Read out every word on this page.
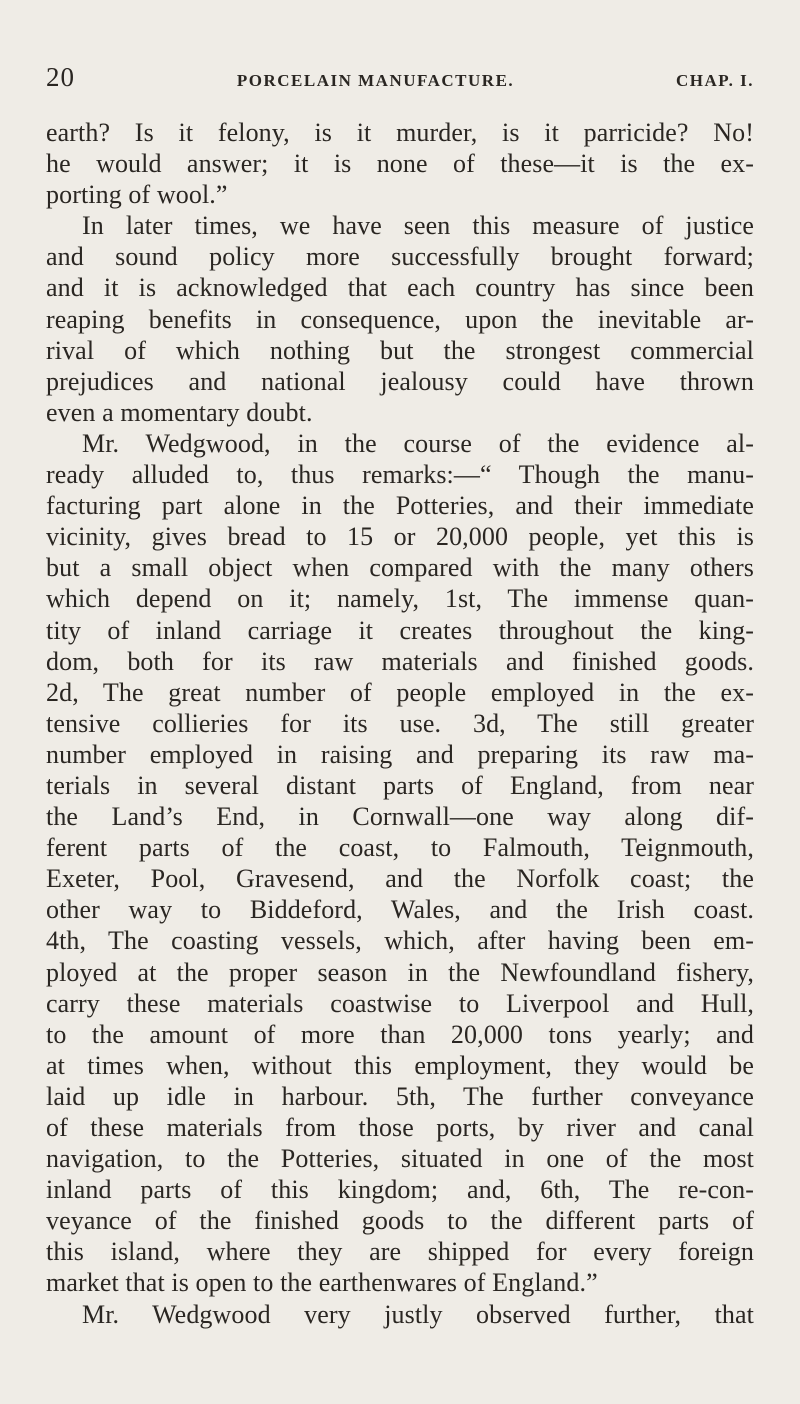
20	PORCELAIN MANUFACTURE.	CHAP. I.
earth? Is it felony, is it murder, is it parricide? No!
he would answer; it is none of these—it is the ex-
porting of wool.”
In later times, we have seen this measure of justice
and sound policy more successfully brought forward;
and it is acknowledged that each country has since been
reaping benefits in consequence, upon the inevitable ar-
rival of which nothing but the strongest commercial
prejudices and national jealousy could have thrown
even a momentary doubt.
Mr. Wedgwood, in the course of the evidence al-
ready alluded to, thus remarks:—“ Though the manu-
facturing part alone in the Potteries, and their immediate
vicinity, gives bread to 15 or 20,000 people, yet this is
but a small object when compared with the many others
which depend on it; namely, 1st, The immense quan-
tity of inland carriage it creates throughout the king-
dom, both for its raw materials and finished goods.
2d, The great number of people employed in the ex-
tensive collieries for its use. 3d, The still greater
number employed in raising and preparing its raw ma-
terials in several distant parts of England, from near
the Land’s End, in Cornwall—one way along dif-
ferent parts of the coast, to Falmouth, Teignmouth,
Exeter, Pool, Gravesend, and the Norfolk coast; the
other way to Biddeford, Wales, and the Irish coast.
4th, The coasting vessels, which, after having been em-
ployed at the proper season in the Newfoundland fishery,
carry these materials coastwise to Liverpool and Hull,
to the amount of more than 20,000 tons yearly; and
at times when, without this employment, they would be
laid up idle in harbour. 5th, The further conveyance
of these materials from those ports, by river and canal
navigation, to the Potteries, situated in one of the most
inland parts of this kingdom; and, 6th, The re-con-
veyance of the finished goods to the different parts of
this island, where they are shipped for every foreign
market that is open to the earthenwares of England.”
Mr. Wedgwood very justly observed further, that
